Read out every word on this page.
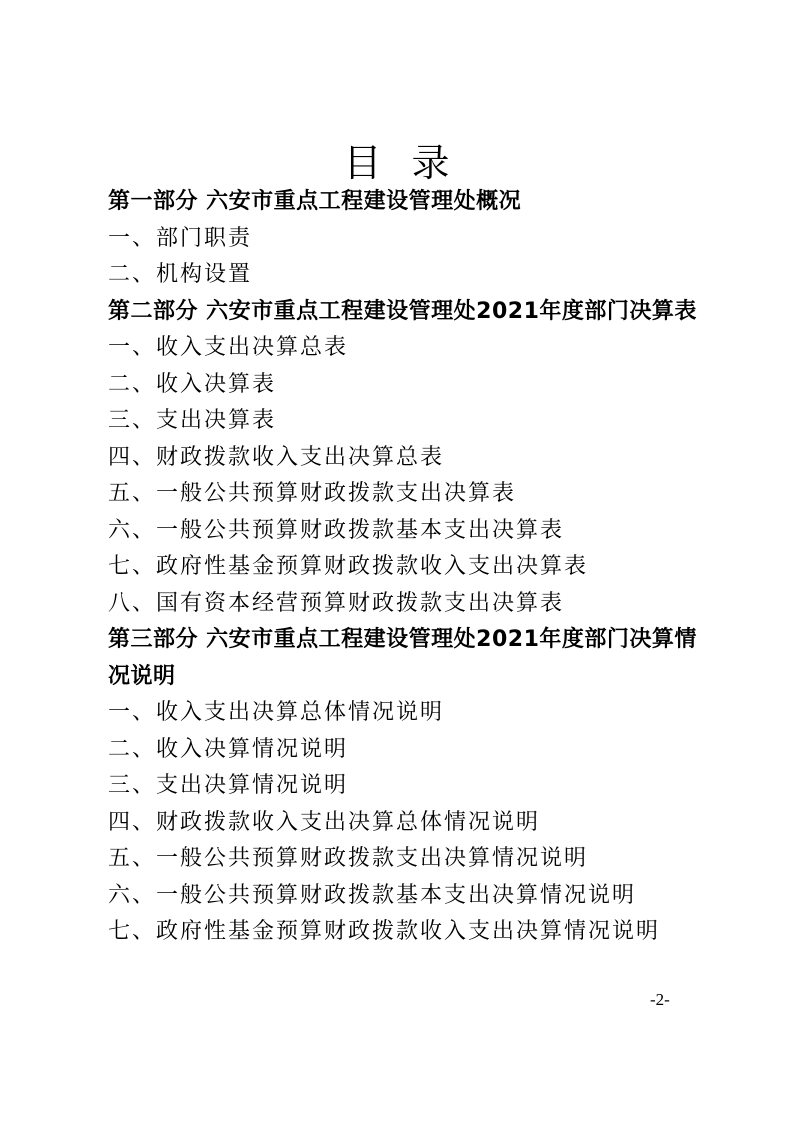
目录
第一部分 六安市重点工程建设管理处概况
一、部门职责
二、机构设置
第二部分 六安市重点工程建设管理处2021年度部门决算表
一、收入支出决算总表
二、收入决算表
三、支出决算表
四、财政拨款收入支出决算总表
五、一般公共预算财政拨款支出决算表
六、一般公共预算财政拨款基本支出决算表
七、政府性基金预算财政拨款收入支出决算表
八、国有资本经营预算财政拨款支出决算表
第三部分 六安市重点工程建设管理处2021年度部门决算情况说明
一、收入支出决算总体情况说明
二、收入决算情况说明
三、支出决算情况说明
四、财政拨款收入支出决算总体情况说明
五、一般公共预算财政拨款支出决算情况说明
六、一般公共预算财政拨款基本支出决算情况说明
七、政府性基金预算财政拨款收入支出决算情况说明
-2-
